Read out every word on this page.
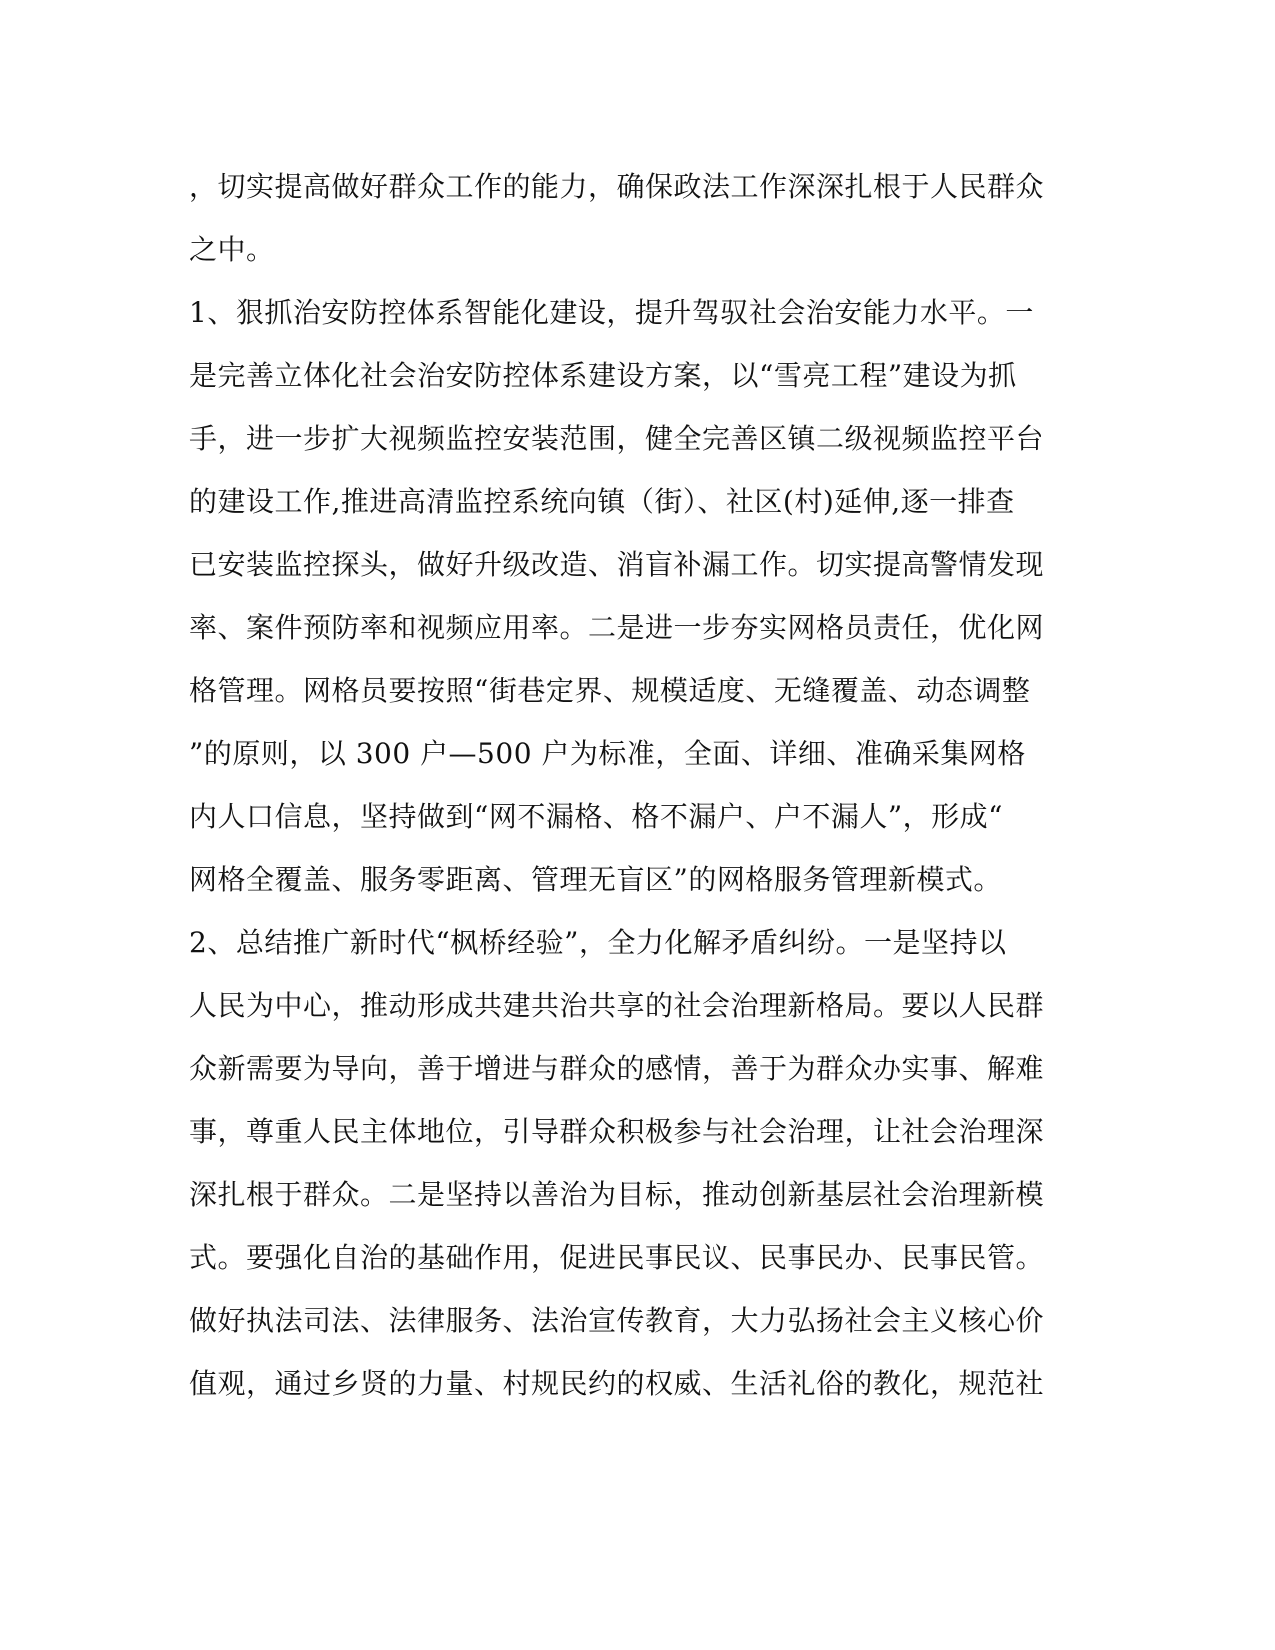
，切实提高做好群众工作的能力，确保政法工作深深扎根于人民群众
之中。
1、狠抓治安防控体系智能化建设，提升驾驭社会治安能力水平。一
是完善立体化社会治安防控体系建设方案，以“雪亮工程”建设为抓
手，进一步扩大视频监控安装范围，健全完善区镇二级视频监控平台
的建设工作,推进高清监控系统向镇（街）、社区(村)延伸,逐一排查
已安装监控探头，做好升级改造、消盲补漏工作。切实提高警情发现
率、案件预防率和视频应用率。二是进一步夯实网格员责任，优化网
格管理。网格员要按照“街巷定界、规模适度、无缝覆盖、动态调整
”的原则，以 300 户—500 户为标准，全面、详细、准确采集网格
内人口信息，坚持做到“网不漏格、格不漏户、户不漏人”，形成“
网格全覆盖、服务零距离、管理无盲区”的网格服务管理新模式。
2、总结推广新时代“枫桥经验”，全力化解矛盾纠纷。一是坚持以
人民为中心，推动形成共建共治共享的社会治理新格局。要以人民群
众新需要为导向，善于增进与群众的感情，善于为群众办实事、解难
事，尊重人民主体地位，引导群众积极参与社会治理，让社会治理深
深扎根于群众。二是坚持以善治为目标，推动创新基层社会治理新模
式。要强化自治的基础作用，促进民事民议、民事民办、民事民管。
做好执法司法、法律服务、法治宣传教育，大力弘扬社会主义核心价
值观，通过乡贤的力量、村规民约的权威、生活礼俗的教化，规范社
